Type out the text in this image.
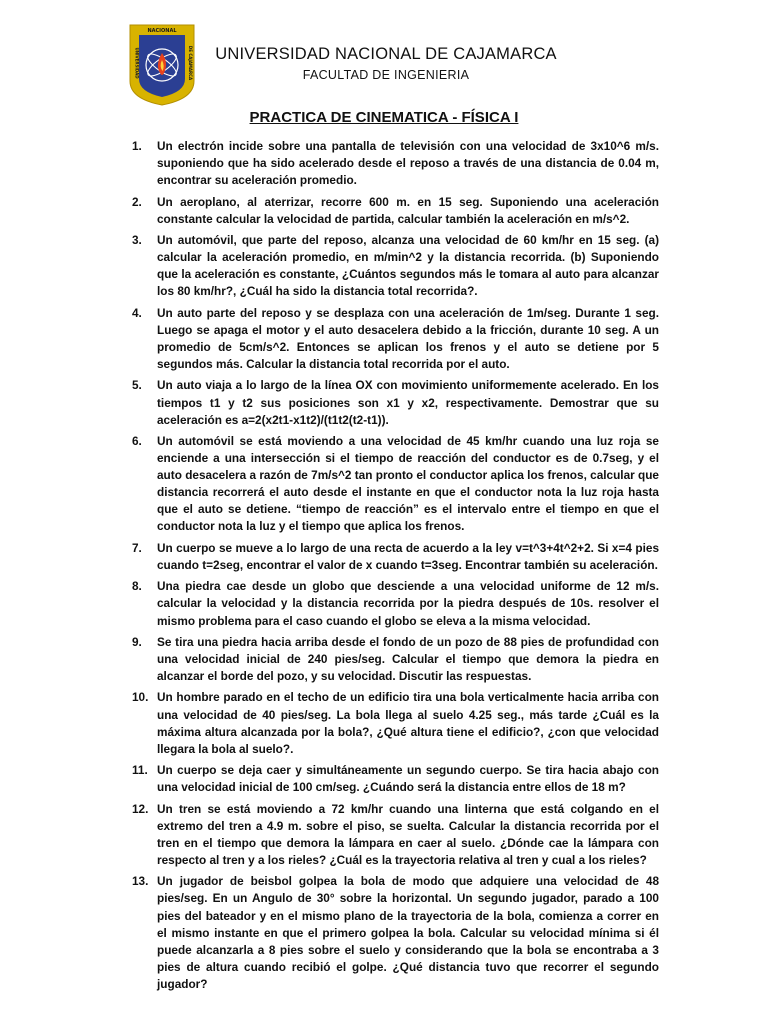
NACIONAL
UNIVERSIDAD	DE CAJAMARCA	UNIVERSIDAD NACIONAL DE CAJAMARCA
FACULTAD DE INGENIERIA
PRACTICA DE CINEMATICA - FÍSICA I
1.	Un electrón incide sobre una pantalla de televisión con una velocidad de 3x10^6 m/s. suponiendo que ha sido acelerado desde el reposo a través de una distancia de 0.04 m, encontrar su aceleración promedio.
2.	Un aeroplano, al aterrizar, recorre 600 m. en 15 seg. Suponiendo una aceleración constante calcular la velocidad de partida, calcular también la aceleración en m/s^2.
3.	Un automóvil, que parte del reposo, alcanza una velocidad de 60 km/hr en 15 seg. (a) calcular la aceleración promedio, en m/min^2 y la distancia recorrida. (b) Suponiendo que la aceleración es constante, ¿Cuántos segundos más le tomara al auto para alcanzar los 80 km/hr?, ¿Cuál ha sido la distancia total recorrida?.
4.	Un auto parte del reposo y se desplaza con una aceleración de 1m/seg. Durante 1 seg. Luego se apaga el motor y el auto desacelera debido a la fricción, durante 10 seg. A un promedio de 5cm/s^2. Entonces se aplican los frenos y el auto se detiene por 5 segundos más. Calcular la distancia total recorrida por el auto.
5.	Un auto viaja a lo largo de la línea OX con movimiento uniformemente acelerado. En los tiempos t1 y t2 sus posiciones son x1 y x2, respectivamente. Demostrar que su aceleración es a=2(x2t1-x1t2)/(t1t2(t2-t1)).
6.	Un automóvil se está moviendo a una velocidad de 45 km/hr cuando una luz roja se enciende a una intersección si el tiempo de reacción del conductor es de 0.7seg, y el auto desacelera a razón de 7m/s^2 tan pronto el conductor aplica los frenos, calcular que distancia recorrerá el auto desde el instante en que el conductor nota la luz roja hasta que el auto se detiene. “tiempo de reacción” es el intervalo entre el tiempo en que el conductor nota la luz y el tiempo que aplica los frenos.
7.	Un cuerpo se mueve a lo largo de una recta de acuerdo a la ley v=t^3+4t^2+2. Si x=4 pies cuando t=2seg, encontrar el valor de x cuando t=3seg. Encontrar también su aceleración.
8.	Una piedra cae desde un globo que desciende a una velocidad uniforme de 12 m/s. calcular la velocidad y la distancia recorrida por la piedra después de 10s. resolver el mismo problema para el caso cuando el globo se eleva a la misma velocidad.
9.	Se tira una piedra hacia arriba desde el fondo de un pozo de 88 pies de profundidad con una velocidad inicial de 240 pies/seg. Calcular el tiempo que demora la piedra en alcanzar el borde del pozo, y su velocidad. Discutir las respuestas.
10. Un hombre parado en el techo de un edificio tira una bola verticalmente hacia arriba con una velocidad de 40 pies/seg. La bola llega al suelo 4.25 seg., más tarde ¿Cuál es la máxima altura alcanzada por la bola?, ¿Qué altura tiene el edificio?, ¿con que velocidad llegara la bola al suelo?.
11. Un cuerpo se deja caer y simultáneamente un segundo cuerpo. Se tira hacia abajo con una velocidad inicial de 100 cm/seg. ¿Cuándo será la distancia entre ellos de 18 m?
12. Un tren se está moviendo a 72 km/hr cuando una linterna que está colgando en el extremo del tren a 4.9 m. sobre el piso, se suelta. Calcular la distancia recorrida por el tren en el tiempo que demora la lámpara en caer al suelo. ¿Dónde cae la lámpara con respecto al tren y a los rieles? ¿Cuál es la trayectoria relativa al tren y cual a los rieles?
13. Un jugador de beisbol golpea la bola de modo que adquiere una velocidad de 48 pies/seg. En un Angulo de 30° sobre la horizontal. Un segundo jugador, parado a 100 pies del bateador y en el mismo plano de la trayectoria de la bola, comienza a correr en el mismo instante en que el primero golpea la bola. Calcular su velocidad mínima si él puede alcanzarla a 8 pies sobre el suelo y considerando que la bola se encontraba a 3 pies de altura cuando recibió el golpe. ¿Qué distancia tuvo que recorrer el segundo jugador?
